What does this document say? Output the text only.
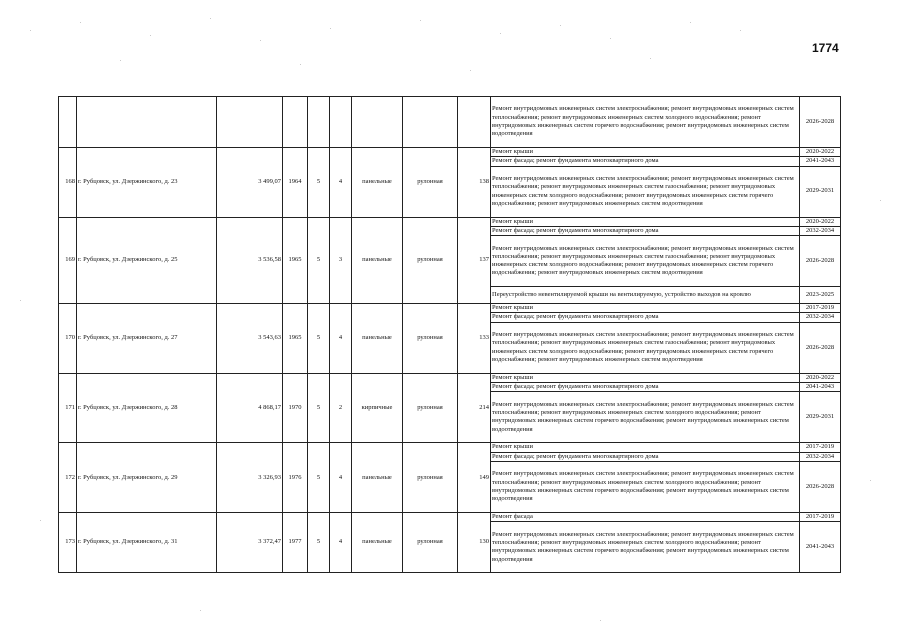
1774
									Ремонт внутридомовых инженерных систем электроснабжения; ремонт внутридомовых инженерных систем теплоснабжения; ремонт внутридомовых инженерных систем холодного водоснабжения; ремонт внутридомовых инженерных систем горячего водоснабжения; ремонт внутридомовых инженерных систем водоотведения	2026-2028
168	г. Рубцовск, ул. Дзержинского, д. 23	3 499,07	1964	5	4	панельные	рулонная	138	Ремонт крыши	2020-2022
									Ремонт фасада; ремонт фундамента многоквартирного дома	2041-2043
									Ремонт внутридомовых инженерных систем электроснабжения; ремонт внутридомовых инженерных систем теплоснабжения; ремонт внутридомовых инженерных систем газоснабжения; ремонт внутридомовых инженерных систем холодного водоснабжения; ремонт внутридомовых инженерных систем горячего водоснабжения; ремонт внутридомовых инженерных систем водоотведения	2029-2031
169	г. Рубцовск, ул. Дзержинского, д. 25	3 536,58	1965	5	3	панельные	рулонная	137	Ремонт крыши	2020-2022
									Ремонт фасада; ремонт фундамента многоквартирного дома	2032-2034
									Ремонт внутридомовых инженерных систем электроснабжения; ремонт внутридомовых инженерных систем теплоснабжения; ремонт внутридомовых инженерных систем газоснабжения; ремонт внутридомовых инженерных систем холодного водоснабжения; ремонт внутридомовых инженерных систем горячего водоснабжения; ремонт внутридомовых инженерных систем водоотведения	2026-2028
									Переустройство невентилируемой крыши на вентилируемую, устройство выходов на кровлю	2023-2025
170	г. Рубцовск, ул. Дзержинского, д. 27	3 543,63	1965	5	4	панельные	рулонная	133	Ремонт крыши	2017-2019
									Ремонт фасада; ремонт фундамента многоквартирного дома	2032-2034
									Ремонт внутридомовых инженерных систем электроснабжения; ремонт внутридомовых инженерных систем теплоснабжения; ремонт внутридомовых инженерных систем газоснабжения; ремонт внутридомовых инженерных систем холодного водоснабжения; ремонт внутридомовых инженерных систем горячего водоснабжения; ремонт внутридомовых инженерных систем водоотведения	2026-2028
171	г. Рубцовск, ул. Дзержинского, д. 28	4 868,17	1970	5	2	кирпичные	рулонная	214	Ремонт крыши	2020-2022
									Ремонт фасада; ремонт фундамента многоквартирного дома	2041-2043
									Ремонт внутридомовых инженерных систем электроснабжения; ремонт внутридомовых инженерных систем теплоснабжения; ремонт внутридомовых инженерных систем холодного водоснабжения; ремонт внутридомовых инженерных систем горячего водоснабжения; ремонт внутридомовых инженерных систем водоотведения	2029-2031
172	г. Рубцовск, ул. Дзержинского, д. 29	3 326,93	1976	5	4	панельные	рулонная	149	Ремонт крыши	2017-2019
									Ремонт фасада; ремонт фундамента многоквартирного дома	2032-2034
									Ремонт внутридомовых инженерных систем электроснабжения; ремонт внутридомовых инженерных систем теплоснабжения; ремонт внутридомовых инженерных систем холодного водоснабжения; ремонт внутридомовых инженерных систем горячего водоснабжения; ремонт внутридомовых инженерных систем водоотведения	2026-2028
173	г. Рубцовск, ул. Дзержинского, д. 31	3 372,47	1977	5	4	панельные	рулонная	130	Ремонт фасада	2017-2019
									Ремонт внутридомовых инженерных систем электроснабжения; ремонт внутридомовых инженерных систем теплоснабжения; ремонт внутридомовых инженерных систем холодного водоснабжения; ремонт внутридомовых инженерных систем горячего водоснабжения; ремонт внутридомовых инженерных систем водоотведения	2041-2043
